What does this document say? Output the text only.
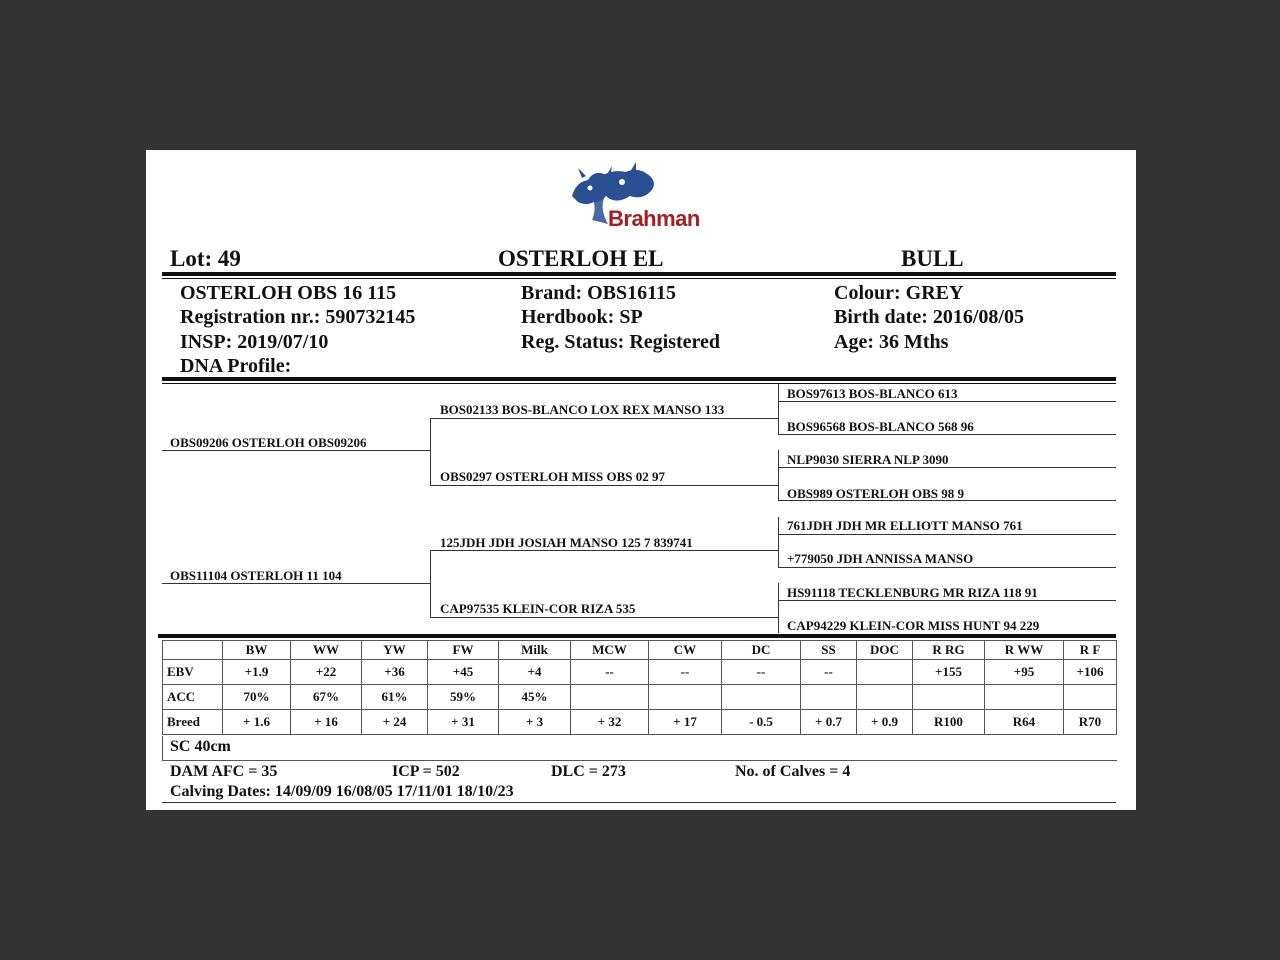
Brahman
Lot: 49	OSTERLOH EL	BULL
OSTERLOH OBS 16 115
Registration nr.: 590732145
INSP: 2019/07/10
DNA Profile:
Brand: OBS16115
Herdbook: SP
Reg. Status: Registered
Colour: GREY
Birth date: 2016/08/05
Age: 36 Mths
OBS09206 OSTERLOH OBS09206
OBS11104 OSTERLOH 11 104
BOS02133 BOS-BLANCO LOX REX MANSO 133
OBS0297 OSTERLOH MISS OBS 02 97
125JDH JDH JOSIAH MANSO 125 7 839741
CAP97535 KLEIN-COR RIZA 535
BOS97613 BOS-BLANCO 613
BOS96568 BOS-BLANCO 568 96
NLP9030 SIERRA NLP 3090
OBS989 OSTERLOH OBS 98 9
761JDH JDH MR ELLIOTT MANSO 761
+779050 JDH ANNISSA MANSO
HS91118 TECKLENBURG MR RIZA 118 91
CAP94229 KLEIN-COR MISS HUNT 94 229
	BW	WW	YW	FW	Milk	MCW	CW	DC	SS	DOC	R RG	R WW	R F
EBV	+1.9	+22	+36	+45	+4	--	--	--	--		+155	+95	+106
ACC	70%	67%	61%	59%	45%								
Breed	+ 1.6	+ 16	+ 24	+ 31	+ 3	+ 32	+ 17	- 0.5	+ 0.7	+ 0.9	R100	R64	R70
SC 40cm
DAM AFC = 35	ICP = 502	DLC = 273	No. of Calves = 4
Calving Dates: 14/09/09 16/08/05 17/11/01 18/10/23
